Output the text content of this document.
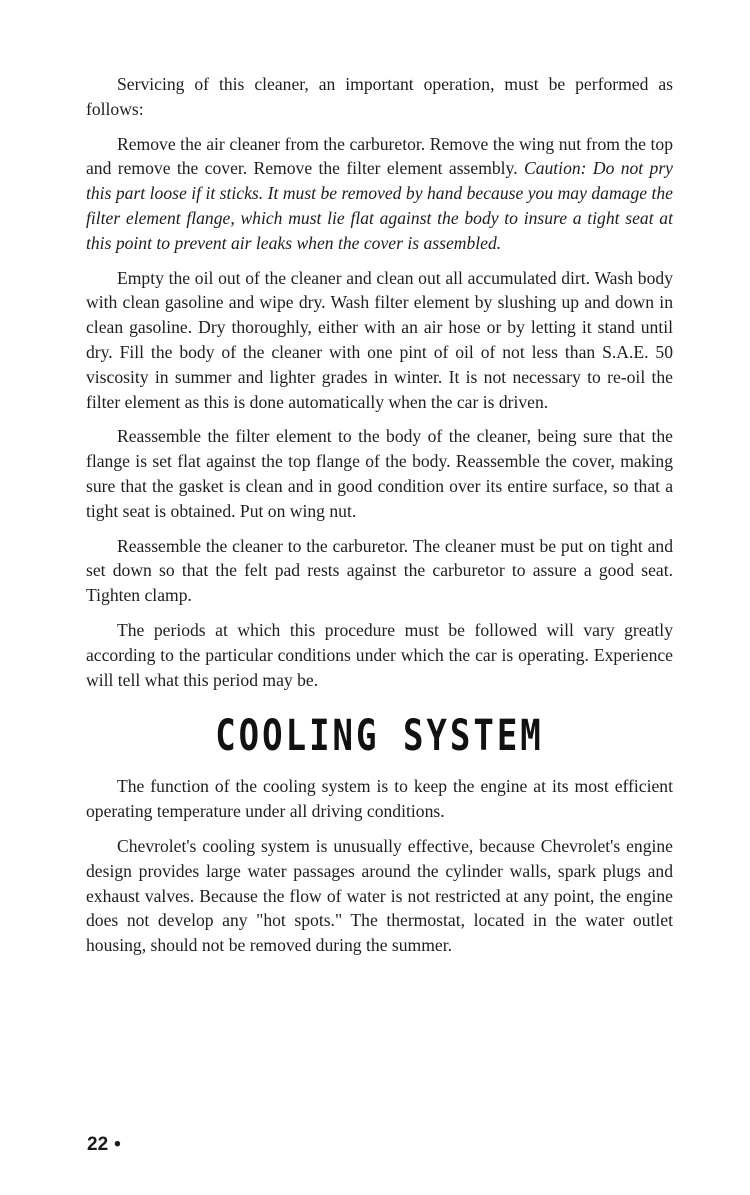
Servicing of this cleaner, an important operation, must be performed as follows:

Remove the air cleaner from the carburetor. Remove the wing nut from the top and remove the cover. Remove the filter element assembly. Caution: Do not pry this part loose if it sticks. It must be removed by hand because you may damage the filter element flange, which must lie flat against the body to insure a tight seat at this point to prevent air leaks when the cover is assembled.

Empty the oil out of the cleaner and clean out all accumulated dirt. Wash body with clean gasoline and wipe dry. Wash filter element by slushing up and down in clean gasoline. Dry thoroughly, either with an air hose or by letting it stand until dry. Fill the body of the cleaner with one pint of oil of not less than S.A.E. 50 viscosity in summer and lighter grades in winter. It is not necessary to re-oil the filter element as this is done automatically when the car is driven.

Reassemble the filter element to the body of the cleaner, being sure that the flange is set flat against the top flange of the body. Reassemble the cover, making sure that the gasket is clean and in good condition over its entire surface, so that a tight seat is obtained. Put on wing nut.

Reassemble the cleaner to the carburetor. The cleaner must be put on tight and set down so that the felt pad rests against the carburetor to assure a good seat. Tighten clamp.

The periods at which this procedure must be followed will vary greatly according to the particular conditions under which the car is operating. Experience will tell what this period may be.

COOLING SYSTEM

The function of the cooling system is to keep the engine at its most efficient operating temperature under all driving conditions.

Chevrolet's cooling system is unusually effective, because Chevrolet's engine design provides large water passages around the cylinder walls, spark plugs and exhaust valves. Because the flow of water is not restricted at any point, the engine does not develop any "hot spots." The thermostat, located in the water outlet housing, should not be removed during the summer.

22 •
